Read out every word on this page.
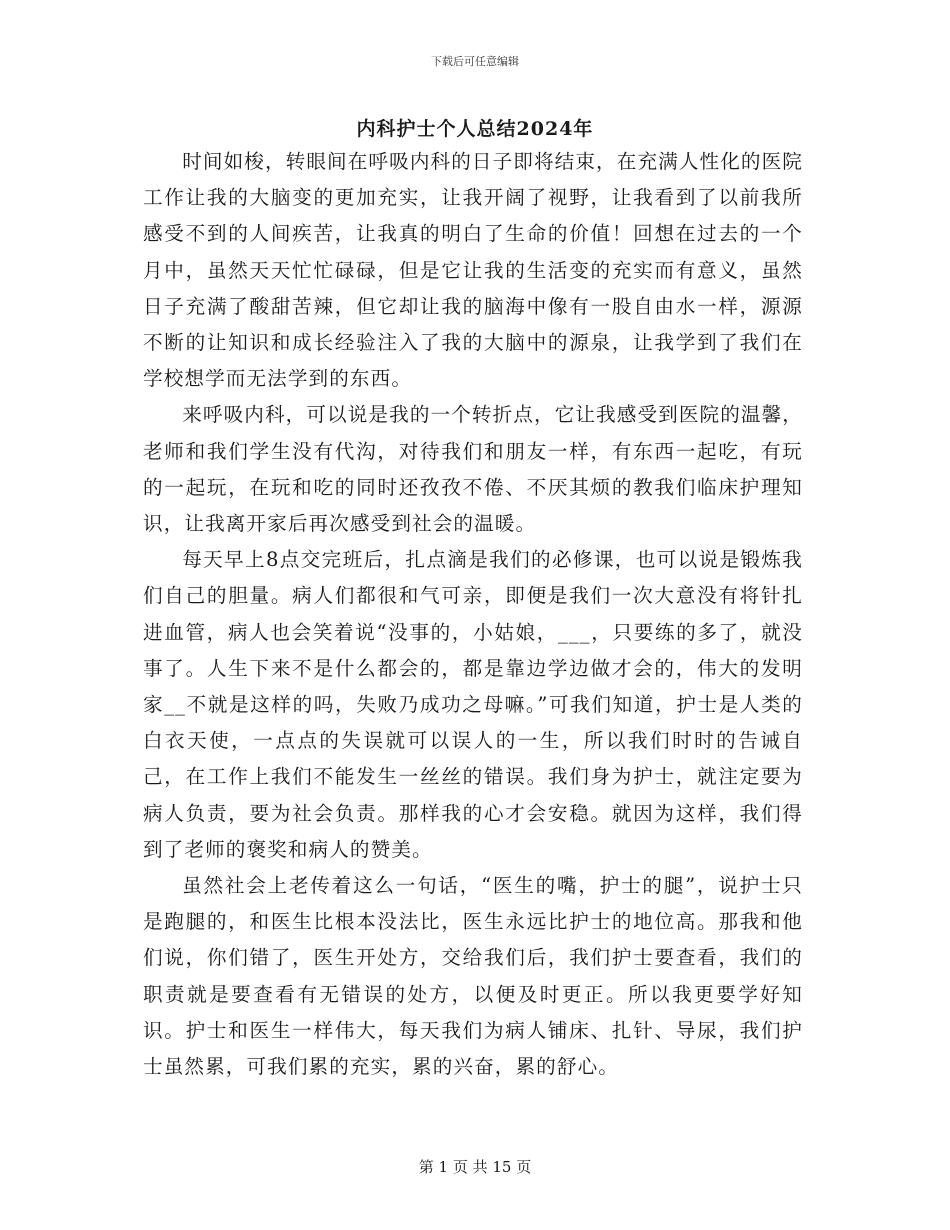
下载后可任意编辑
内科护士个人总结2024年

时间如梭，转眼间在呼吸内科的日子即将结束，在充满人性化的医院工作让我的大脑变的更加充实，让我开阔了视野，让我看到了以前我所感受不到的人间疾苦，让我真的明白了生命的价值！回想在过去的一个月中，虽然天天忙忙碌碌，但是它让我的生活变的充实而有意义，虽然日子充满了酸甜苦辣，但它却让我的脑海中像有一股自由水一样，源源不断的让知识和成长经验注入了我的大脑中的源泉，让我学到了我们在学校想学而无法学到的东西。

来呼吸内科，可以说是我的一个转折点，它让我感受到医院的温馨，老师和我们学生没有代沟，对待我们和朋友一样，有东西一起吃，有玩的一起玩，在玩和吃的同时还孜孜不倦、不厌其烦的教我们临床护理知识，让我离开家后再次感受到社会的温暖。

每天早上8点交完班后，扎点滴是我们的必修课，也可以说是锻炼我们自己的胆量。病人们都很和气可亲，即便是我们一次大意没有将针扎进血管，病人也会笑着说“没事的，小姑娘，___，只要练的多了，就没事了。人生下来不是什么都会的，都是靠边学边做才会的，伟大的发明家__不就是这样的吗，失败乃成功之母嘛。”可我们知道，护士是人类的白衣天使，一点点的失误就可以误人的一生，所以我们时时的告诫自己，在工作上我们不能发生一丝丝的错误。我们身为护士，就注定要为病人负责，要为社会负责。那样我的心才会安稳。就因为这样，我们得到了老师的褒奖和病人的赞美。

虽然社会上老传着这么一句话，“医生的嘴，护士的腿”，说护士只是跑腿的，和医生比根本没法比，医生永远比护士的地位高。那我和他们说，你们错了，医生开处方，交给我们后，我们护士要查看，我们的职责就是要查看有无错误的处方，以便及时更正。所以我更要学好知识。护士和医生一样伟大，每天我们为病人铺床、扎针、导尿，我们护士虽然累，可我们累的充实，累的兴奋，累的舒心。

第 1 页 共 15 页
